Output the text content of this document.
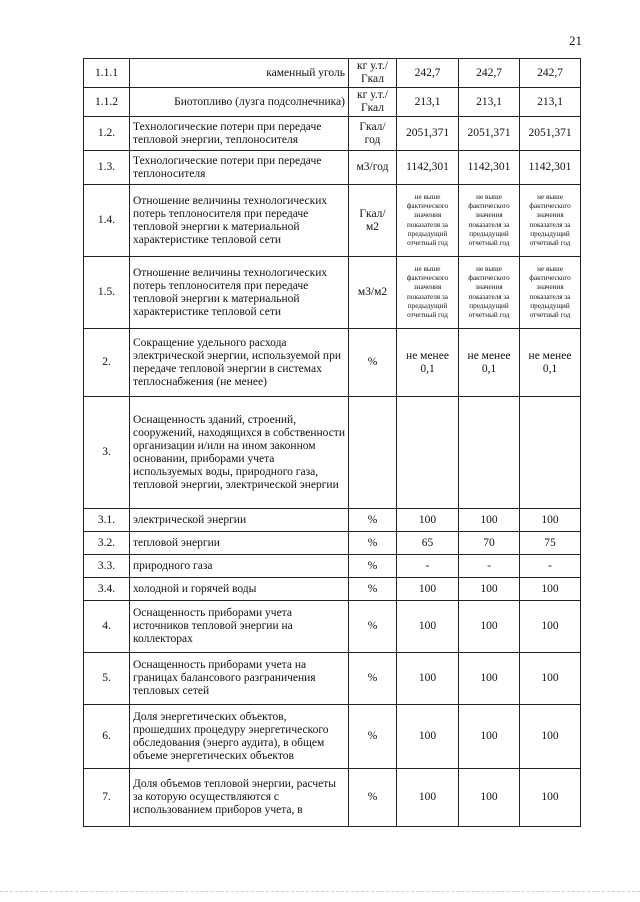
21
1.1.1	каменный уголь	кг у.т./ Гкал	242,7	242,7	242,7
1.1.2	Биотопливо (лузга подсолнечника)	кг у.т./ Гкал	213,1	213,1	213,1
1.2.	Технологические потери при передаче тепловой энергии, теплоносителя	Гкал/ год	2051,371	2051,371	2051,371
1.3.	Технологические потери при передаче теплоносителя	м3/год	1142,301	1142,301	1142,301
1.4.	Отношение величины технологических потерь теплоносителя при передаче тепловой энергии к материальной характеристике тепловой сети	Гкал/ м2	не выше фактического значения показателя за предыдущий отчетный год	не выше фактического значения показателя за предыдущий отчетный год	не выше фактического значения показателя за предыдущий отчетный год
1.5.	Отношение величины технологических потерь теплоносителя при передаче тепловой энергии к материальной характеристике тепловой сети	м3/м2	не выше фактического значения показателя за предыдущий отчетный год	не выше фактического значения показателя за предыдущий отчетный год	не выше фактического значения показателя за предыдущий отчетный год
2.	Сокращение удельного расхода электрической энергии, используемой при передаче тепловой энергии в системах теплоснабжения (не менее)	%	не менее 0,1	не менее 0,1	не менее 0,1
3.	Оснащенность зданий, строений, сооружений, находящихся в собственности организации и/или на ином законном основании, приборами учета используемых воды, природного газа, тепловой энергии, электрической энергии				
3.1.	электрической энергии	%	100	100	100
3.2.	тепловой энергии	%	65	70	75
3.3.	природного газа	%	-	-	-
3.4.	холодной и горячей воды	%	100	100	100
4.	Оснащенность приборами учета источников тепловой энергии на коллекторах	%	100	100	100
5.	Оснащенность приборами учета на границах балансового разграничения тепловых сетей	%	100	100	100
6.	Доля энергетических объектов, прошедших процедуру энергетического обследования (энерго аудита), в общем объеме энергетических объектов	%	100	100	100
7.	Доля объемов тепловой энергии, расчеты за которую осуществляются с использованием приборов учета, в	%	100	100	100
